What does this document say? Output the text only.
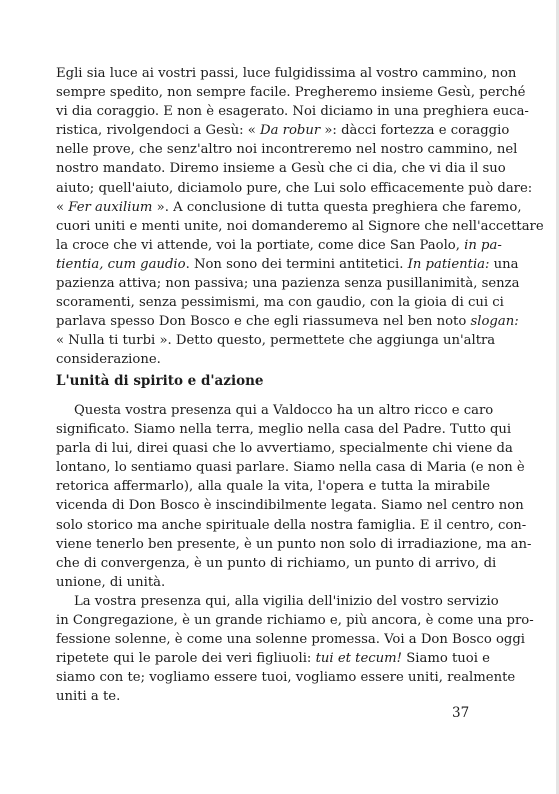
Egli sia luce ai vostri passi, luce fulgidissima al vostro cammino, non
sempre spedito, non sempre facile. Pregheremo insieme Gesù, perché
vi dia coraggio. E non è esagerato. Noi diciamo in una preghiera euca-
ristica, rivolgendoci a Gesù: « Da robur »: dàcci fortezza e coraggio
nelle prove, che senz'altro noi incontreremo nel nostro cammino, nel
nostro mandato. Diremo insieme a Gesù che ci dia, che vi dia il suo
aiuto; quell'aiuto, diciamolo pure, che Lui solo efficacemente può dare:
« Fer auxilium ». A conclusione di tutta questa preghiera che faremo,
cuori uniti e menti unite, noi domanderemo al Signore che nell'accettare
la croce che vi attende, voi la portiate, come dice San Paolo, in pa-
tientia, cum gaudio. Non sono dei termini antitetici. In patientia: una
pazienza attiva; non passiva; una pazienza senza pusillanimità, senza
scoramenti, senza pessimismi, ma con gaudio, con la gioia di cui ci
parlava spesso Don Bosco e che egli riassumeva nel ben noto slogan:
« Nulla ti turbi ». Detto questo, permettete che aggiunga un'altra
considerazione.
L'unità di spirito e d'azione
Questa vostra presenza qui a Valdocco ha un altro ricco e caro
significato. Siamo nella terra, meglio nella casa del Padre. Tutto qui
parla di lui, direi quasi che lo avvertiamo, specialmente chi viene da
lontano, lo sentiamo quasi parlare. Siamo nella casa di Maria (e non è
retorica affermarlo), alla quale la vita, l'opera e tutta la mirabile
vicenda di Don Bosco è inscindibilmente legata. Siamo nel centro non
solo storico ma anche spirituale della nostra famiglia. E il centro, con-
viene tenerlo ben presente, è un punto non solo di irradiazione, ma an-
che di convergenza, è un punto di richiamo, un punto di arrivo, di
unione, di unità.
La vostra presenza qui, alla vigilia dell'inizio del vostro servizio
in Congregazione, è un grande richiamo e, più ancora, è come una pro-
fessione solenne, è come una solenne promessa. Voi a Don Bosco oggi
ripetete qui le parole dei veri figliuoli: tui et tecum! Siamo tuoi e
siamo con te; vogliamo essere tuoi, vogliamo essere uniti, realmente
uniti a te.
37
